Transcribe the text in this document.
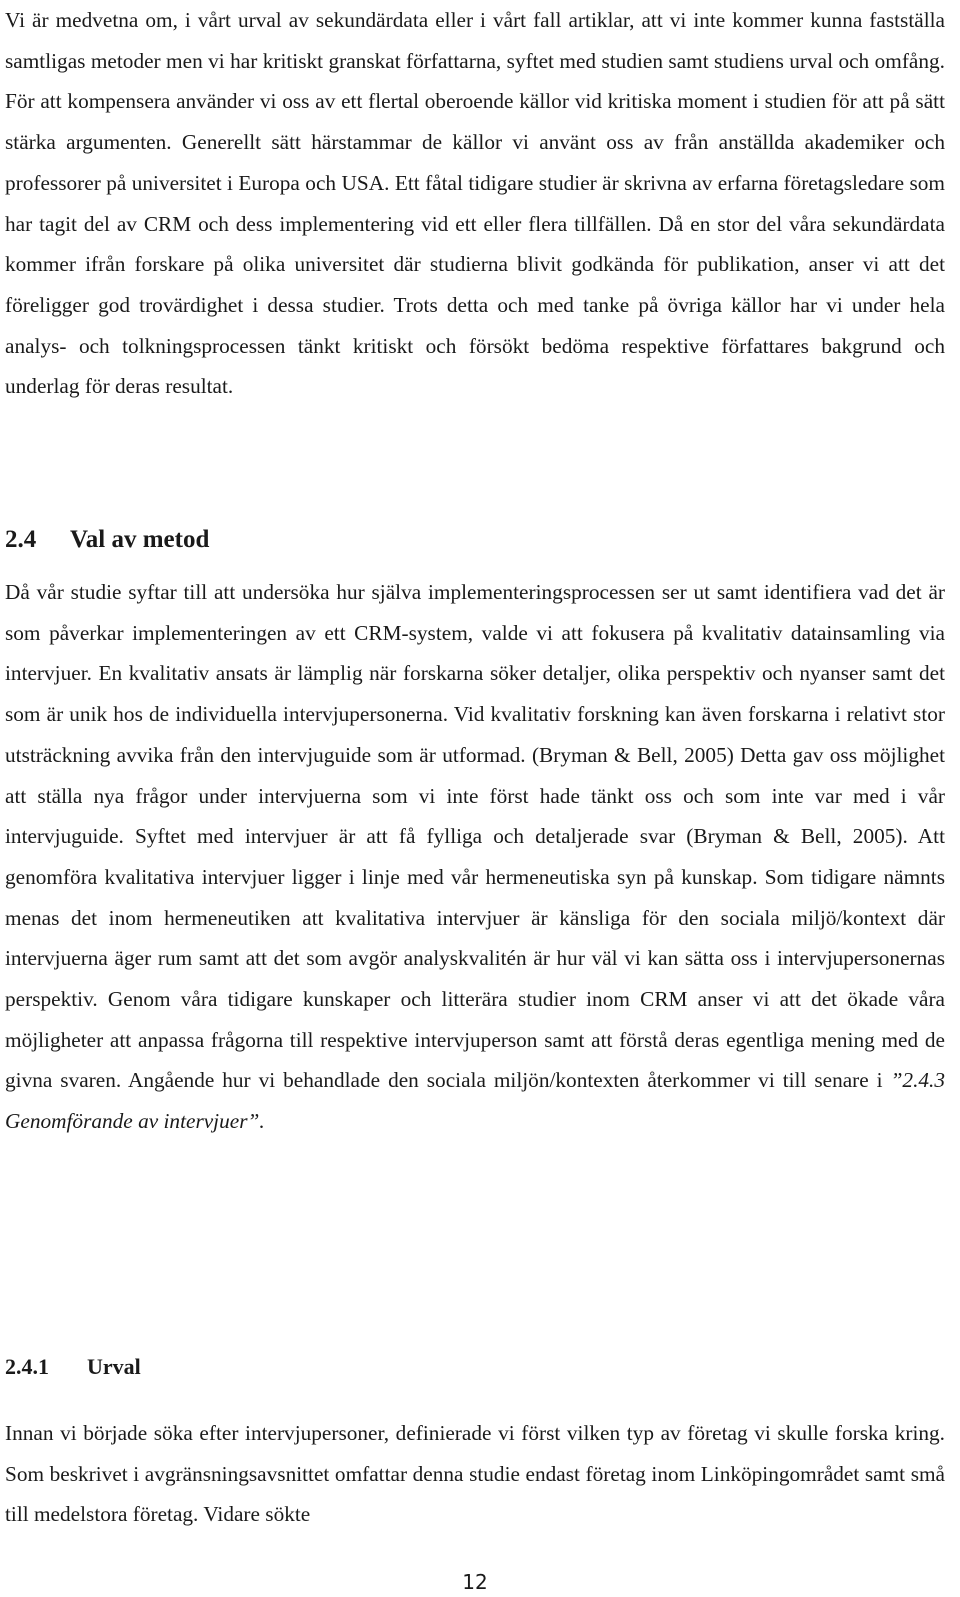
Vi är medvetna om, i vårt urval av sekundärdata eller i vårt fall artiklar, att vi inte kommer kunna fastställa samtligas metoder men vi har kritiskt granskat författarna, syftet med studien samt studiens urval och omfång. För att kompensera använder vi oss av ett flertal oberoende källor vid kritiska moment i studien för att på sätt stärka argumenten. Generellt sätt härstammar de källor vi använt oss av från anställda akademiker och professorer på universitet i Europa och USA. Ett fåtal tidigare studier är skrivna av erfarna företagsledare som har tagit del av CRM och dess implementering vid ett eller flera tillfällen. Då en stor del våra sekundärdata kommer ifrån forskare på olika universitet där studierna blivit godkända för publikation, anser vi att det föreligger god trovärdighet i dessa studier. Trots detta och med tanke på övriga källor har vi under hela analys- och tolkningsprocessen tänkt kritiskt och försökt bedöma respektive författares bakgrund och underlag för deras resultat.

2.4 Val av metod

Då vår studie syftar till att undersöka hur själva implementeringsprocessen ser ut samt identifiera vad det är som påverkar implementeringen av ett CRM-system, valde vi att fokusera på kvalitativ datainsamling via intervjuer. En kvalitativ ansats är lämplig när forskarna söker detaljer, olika perspektiv och nyanser samt det som är unik hos de individuella intervjupersonerna. Vid kvalitativ forskning kan även forskarna i relativt stor utsträckning avvika från den intervjuguide som är utformad. (Bryman & Bell, 2005) Detta gav oss möjlighet att ställa nya frågor under intervjuerna som vi inte först hade tänkt oss och som inte var med i vår intervjuguide. Syftet med intervjuer är att få fylliga och detaljerade svar (Bryman & Bell, 2005). Att genomföra kvalitativa intervjuer ligger i linje med vår hermeneutiska syn på kunskap. Som tidigare nämnts menas det inom hermeneutiken att kvalitativa intervjuer är känsliga för den sociala miljö/kontext där intervjuerna äger rum samt att det som avgör analyskvalitén är hur väl vi kan sätta oss i intervjupersonernas perspektiv. Genom våra tidigare kunskaper och litterära studier inom CRM anser vi att det ökade våra möjligheter att anpassa frågorna till respektive intervjuperson samt att förstå deras egentliga mening med de givna svaren. Angående hur vi behandlade den sociala miljön/kontexten återkommer vi till senare i ”2.4.3 Genomförande av intervjuer”.

2.4.1 Urval

Innan vi började söka efter intervjupersoner, definierade vi först vilken typ av företag vi skulle forska kring. Som beskrivet i avgränsningsavsnittet omfattar denna studie endast företag inom Linköpingområdet samt små till medelstora företag. Vidare sökte

12
